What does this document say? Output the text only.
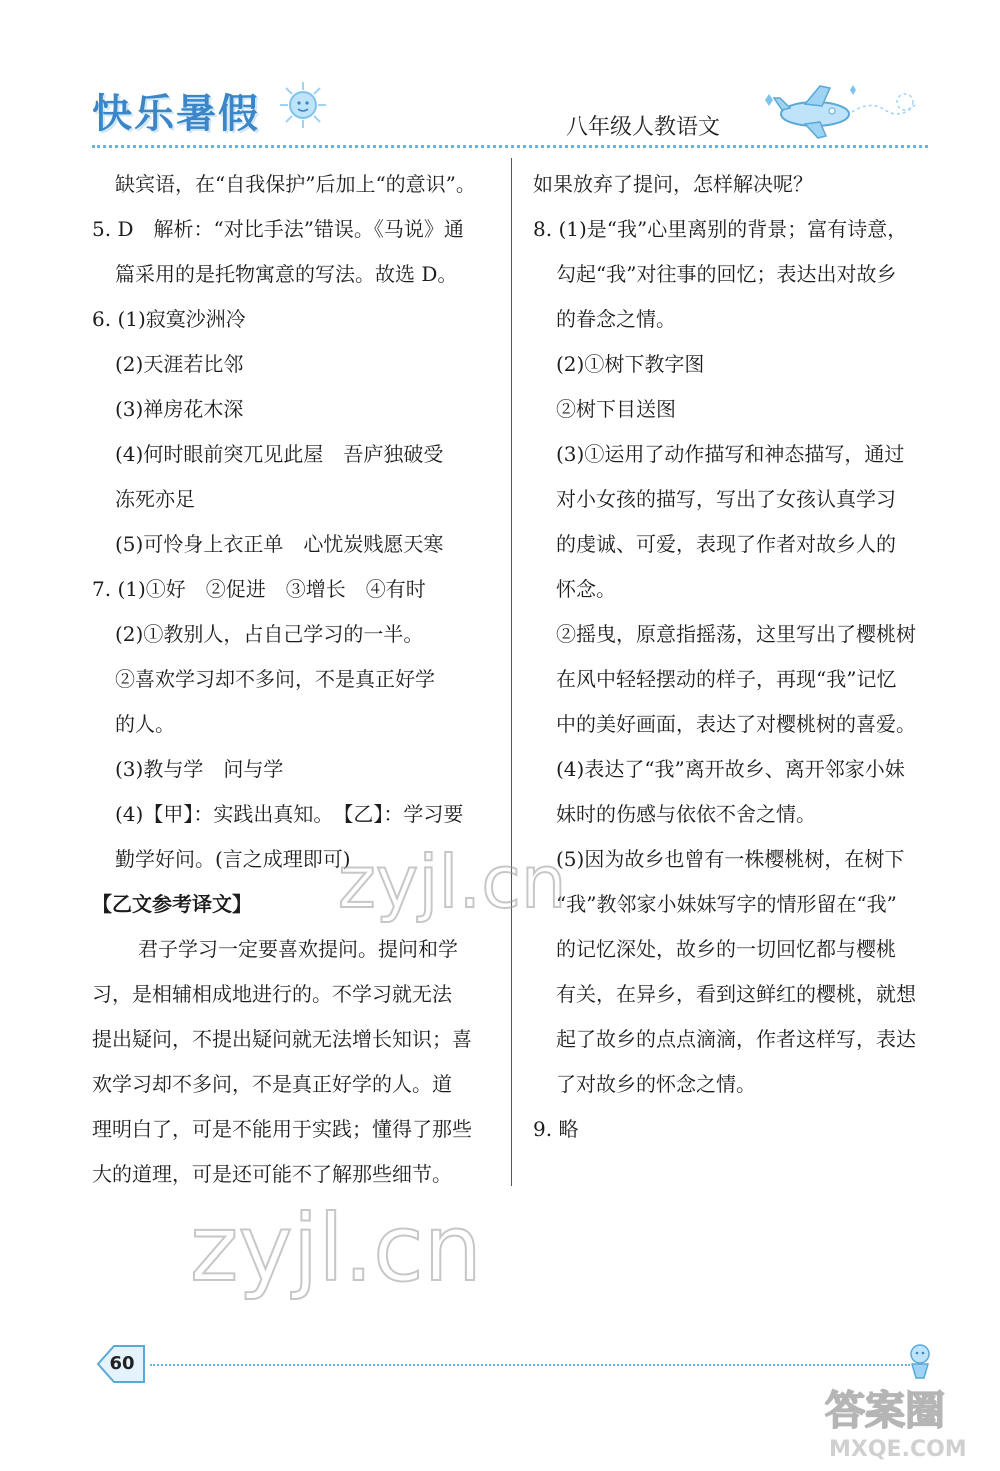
快乐暑假	八年级人教语文
缺宾语，在“自我保护”后加上“的意识”。
5. D　解析：“对比手法”错误。《马说》通
篇采用的是托物寓意的写法。故选 D。
6. (1)寂寞沙洲冷
(2)天涯若比邻
(3)禅房花木深
(4)何时眼前突兀见此屋　吾庐独破受
冻死亦足
(5)可怜身上衣正单　心忧炭贱愿天寒
7. (1)①好　②促进　③增长　④有时
(2)①教别人，占自己学习的一半。
②喜欢学习却不多问，不是真正好学
的人。
(3)教与学　问与学
(4)【甲】：实践出真知。　【乙】：学习要
勤学好问。(言之成理即可)
【乙文参考译文】
君子学习一定要喜欢提问。提问和学
习，是相辅相成地进行的。不学习就无法
提出疑问，不提出疑问就无法增长知识；喜
欢学习却不多问，不是真正好学的人。道
理明白了，可是不能用于实践；懂得了那些
大的道理，可是还可能不了解那些细节。
如果放弃了提问，怎样解决呢？
8. (1)是“我”心里离别的背景；富有诗意，
勾起“我”对往事的回忆；表达出对故乡
的眷念之情。
(2)①树下教字图
②树下目送图
(3)①运用了动作描写和神态描写，通过
对小女孩的描写，写出了女孩认真学习
的虔诚、可爱，表现了作者对故乡人的
怀念。
②摇曳，原意指摇荡，这里写出了樱桃树
在风中轻轻摆动的样子，再现“我”记忆
中的美好画面，表达了对樱桃树的喜爱。
(4)表达了“我”离开故乡、离开邻家小妹
妹时的伤感与依依不舍之情。
(5)因为故乡也曾有一株樱桃树，在树下
“我”教邻家小妹妹写字的情形留在“我”
的记忆深处，故乡的一切回忆都与樱桃
有关，在异乡，看到这鲜红的樱桃，就想
起了故乡的点点滴滴，作者这样写，表达
了对故乡的怀念之情。
9. 略
zyjl.cn
zyjl.cn
60
答案圈
MXQE.COM
